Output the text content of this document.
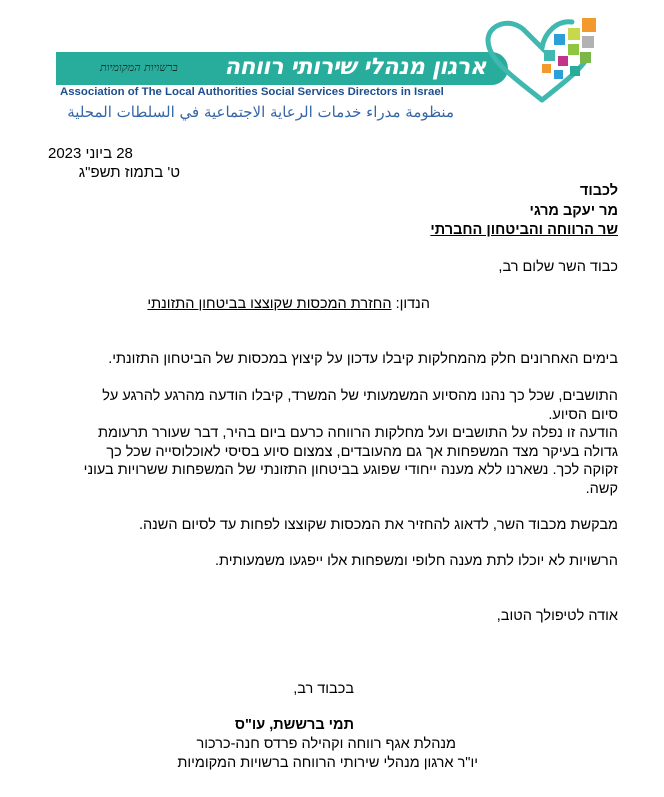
ארגון מנהלי שירותי רווחה
ברשויות המקומיות
Association of The Local Authorities Social Services Directors in Israel
منظومة مدراء خدمات الرعاية الاجتماعية في السلطات المحلية
28 ביוני 2023
ט' בתמוז תשפ"ג
לכבוד
מר יעקב מרגי
שר הרווחה והביטחון החברתי
כבוד השר שלום רב,
הנדון: החזרת המכסות שקוצצו בביטחון התזונתי
בימים האחרונים חלק מהמחלקות קיבלו עדכון על קיצוץ במכסות של הביטחון התזונתי.
התושבים, שכל כך נהנו מהסיוע המשמעותי של המשרד, קיבלו הודעה מהרגע להרגע על
סיום הסיוע.
הודעה זו נפלה על התושבים ועל מחלקות הרווחה כרעם ביום בהיר, דבר שעורר תרעומת
גדולה בעיקר מצד המשפחות אך גם מהעובדים, צמצום סיוע בסיסי לאוכלוסייה שכל כך
זקוקה לכך. נשארנו ללא מענה ייחודי שפוגע בביטחון התזונתי של המשפחות ששרויות בעוני
קשה.
מבקשת מכבוד השר, לדאוג להחזיר את המכסות שקוצצו לפחות עד לסיום השנה.
הרשויות לא יוכלו לתת מענה חלופי ומשפחות אלו ייפגעו משמעותית.
אודה לטיפולך הטוב,
בכבוד רב,
תמי ברששת, עו"ס
מנהלת אגף רווחה וקהילה פרדס חנה-כרכור
יו"ר ארגון מנהלי שירותי הרווחה ברשויות המקומיות
